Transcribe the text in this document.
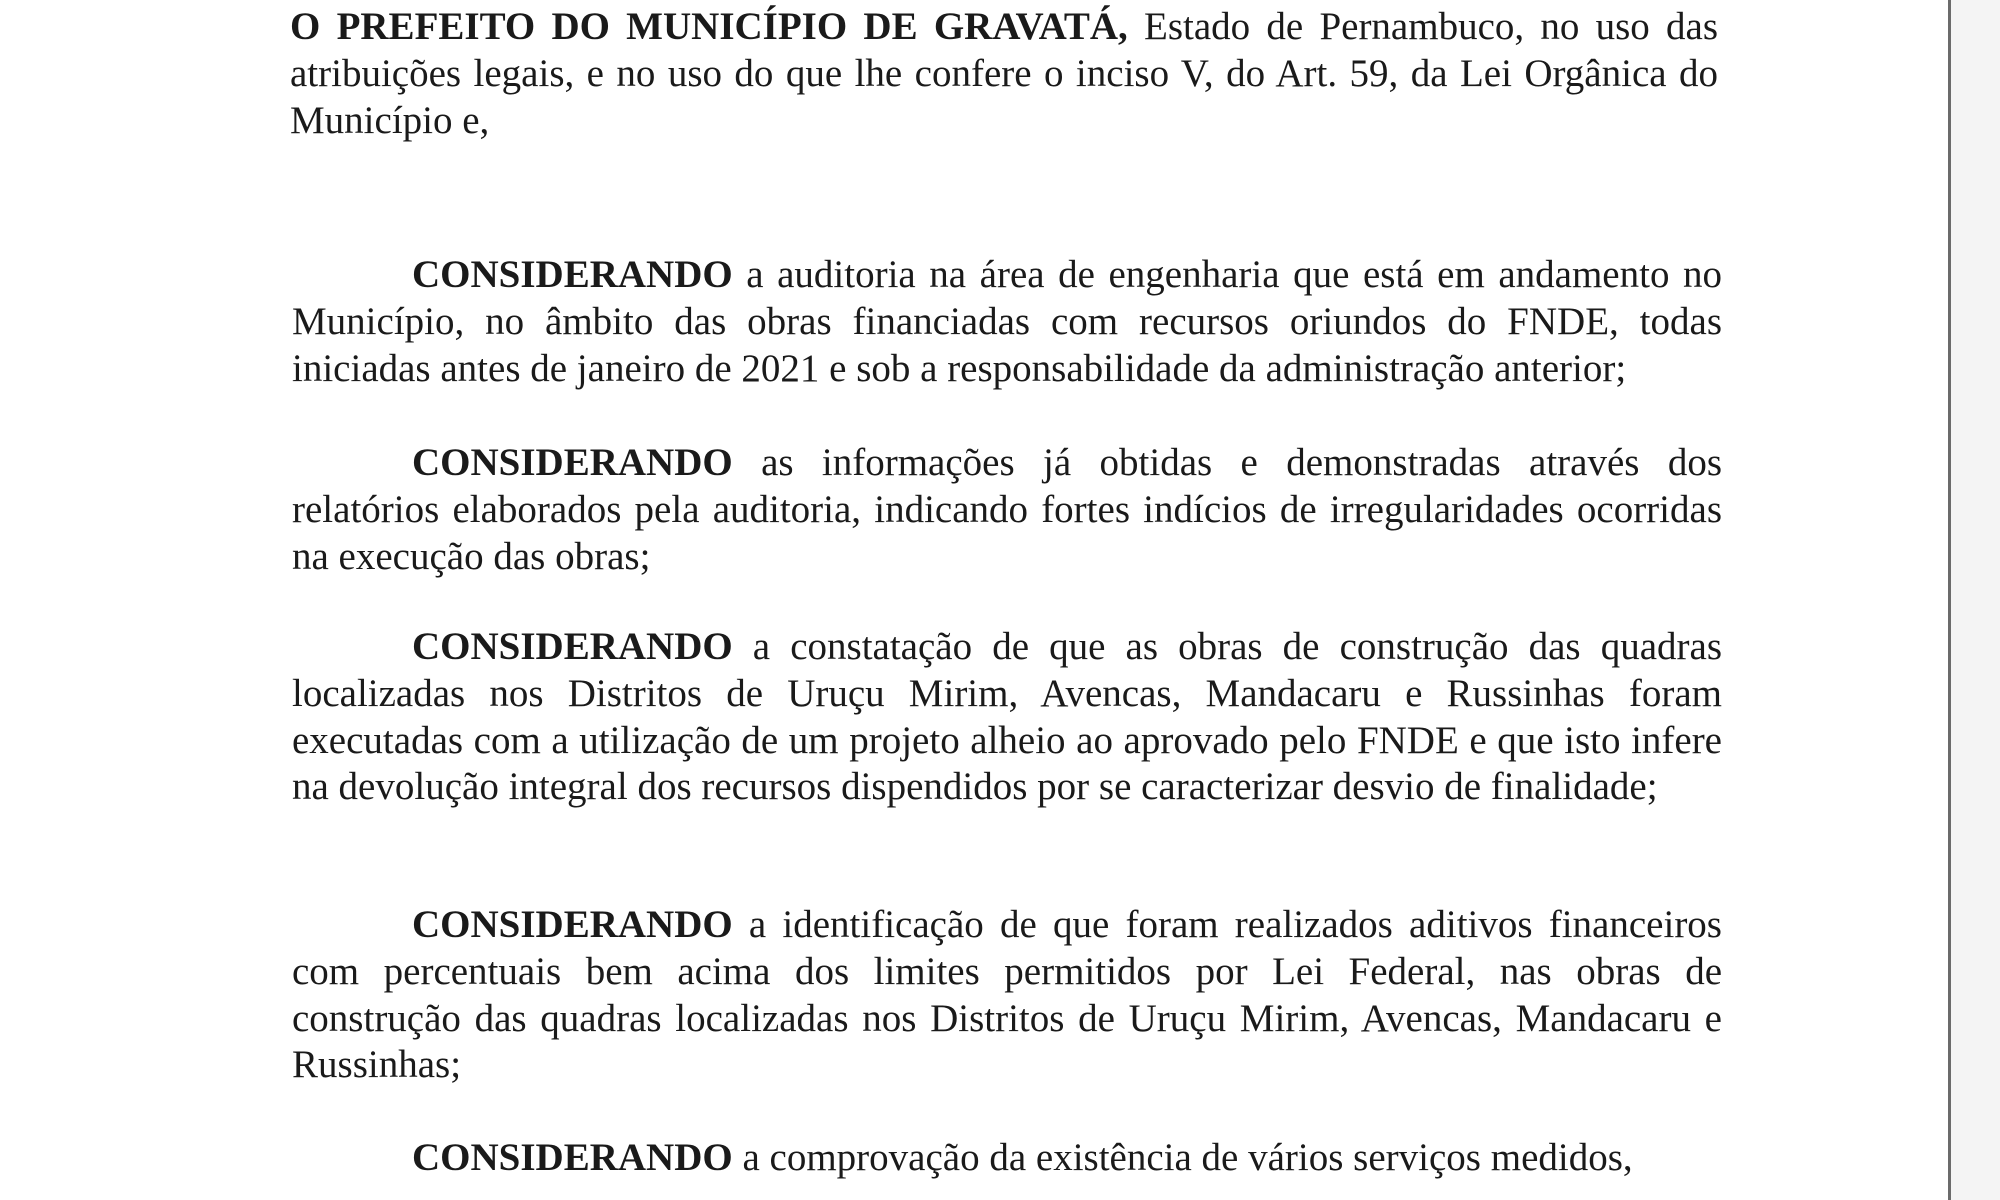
O PREFEITO DO MUNICÍPIO DE GRAVATÁ, Estado de Pernambuco, no uso das atribuições legais, e no uso do que lhe confere o inciso V, do Art. 59, da Lei Orgânica do Município e,
CONSIDERANDO a auditoria na área de engenharia que está em andamento no Município, no âmbito das obras financiadas com recursos oriundos do FNDE, todas iniciadas antes de janeiro de 2021 e sob a responsabilidade da administração anterior;
CONSIDERANDO as informações já obtidas e demonstradas através dos relatórios elaborados pela auditoria, indicando fortes indícios de irregularidades ocorridas na execução das obras;
CONSIDERANDO a constatação de que as obras de construção das quadras localizadas nos Distritos de Uruçu Mirim, Avencas, Mandacaru e Russinhas foram executadas com a utilização de um projeto alheio ao aprovado pelo FNDE e que isto infere na devolução integral dos recursos dispendidos por se caracterizar desvio de finalidade;
CONSIDERANDO a identificação de que foram realizados aditivos financeiros com percentuais bem acima dos limites permitidos por Lei Federal, nas obras de construção das quadras localizadas nos Distritos de Uruçu Mirim, Avencas, Mandacaru e Russinhas;
CONSIDERANDO a comprovação da existência de vários serviços medidos,
